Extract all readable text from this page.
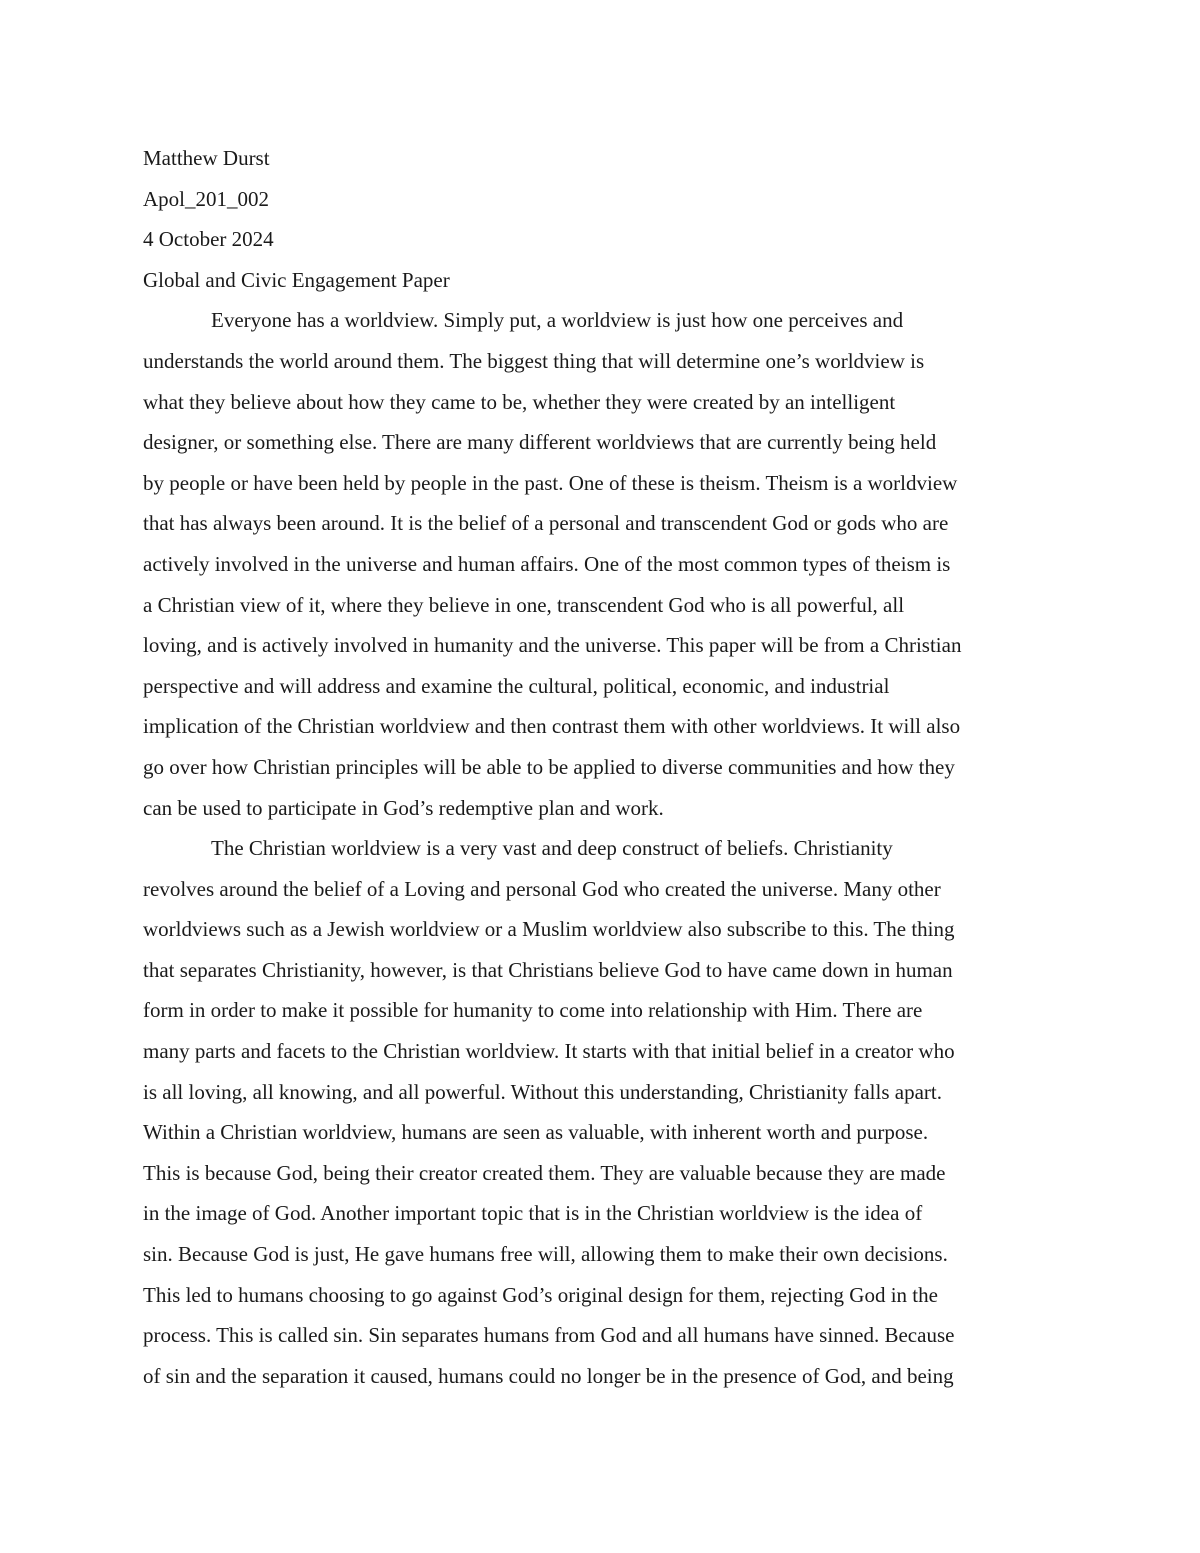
Matthew Durst
Apol_201_002
4 October 2024
Global and Civic Engagement Paper
Everyone has a worldview. Simply put, a worldview is just how one perceives and
understands the world around them. The biggest thing that will determine one’s worldview is
what they believe about how they came to be, whether they were created by an intelligent
designer, or something else. There are many different worldviews that are currently being held
by people or have been held by people in the past. One of these is theism. Theism is a worldview
that has always been around. It is the belief of a personal and transcendent God or gods who are
actively involved in the universe and human affairs. One of the most common types of theism is
a Christian view of it, where they believe in one, transcendent God who is all powerful, all
loving, and is actively involved in humanity and the universe. This paper will be from a Christian
perspective and will address and examine the cultural, political, economic, and industrial
implication of the Christian worldview and then contrast them with other worldviews. It will also
go over how Christian principles will be able to be applied to diverse communities and how they
can be used to participate in God’s redemptive plan and work.
The Christian worldview is a very vast and deep construct of beliefs. Christianity
revolves around the belief of a Loving and personal God who created the universe. Many other
worldviews such as a Jewish worldview or a Muslim worldview also subscribe to this. The thing
that separates Christianity, however, is that Christians believe God to have came down in human
form in order to make it possible for humanity to come into relationship with Him. There are
many parts and facets to the Christian worldview. It starts with that initial belief in a creator who
is all loving, all knowing, and all powerful. Without this understanding, Christianity falls apart.
Within a Christian worldview, humans are seen as valuable, with inherent worth and purpose.
This is because God, being their creator created them. They are valuable because they are made
in the image of God. Another important topic that is in the Christian worldview is the idea of
sin. Because God is just, He gave humans free will, allowing them to make their own decisions.
This led to humans choosing to go against God’s original design for them, rejecting God in the
process. This is called sin. Sin separates humans from God and all humans have sinned. Because
of sin and the separation it caused, humans could no longer be in the presence of God, and being
